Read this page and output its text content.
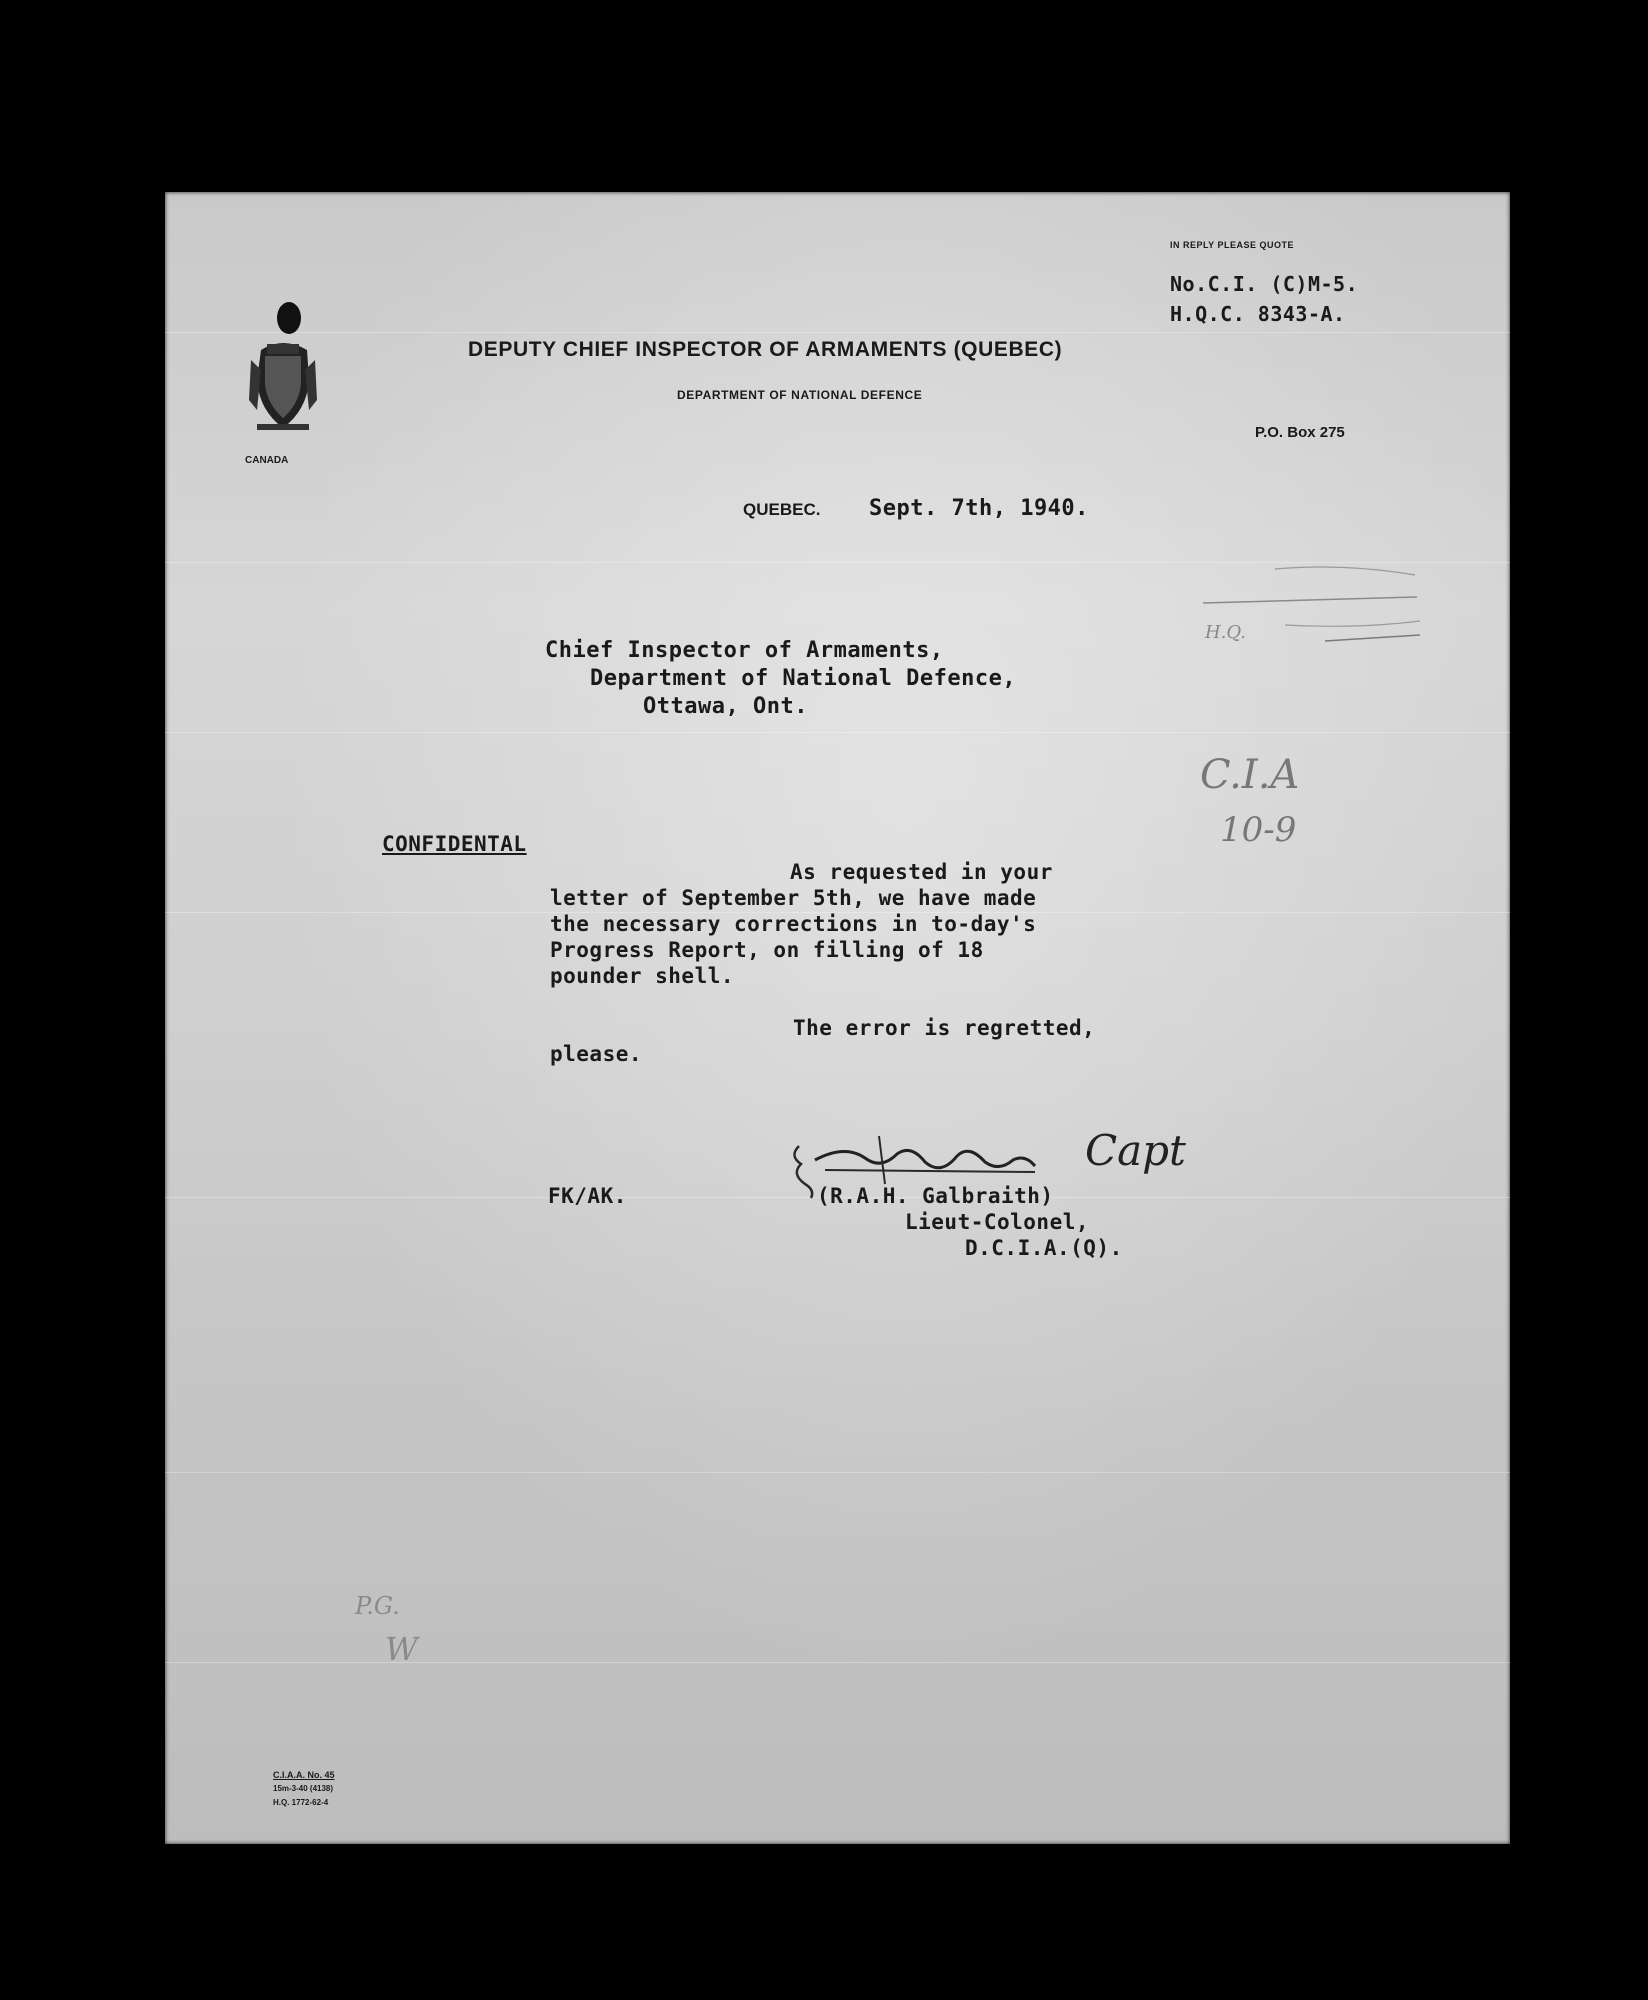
IN REPLY PLEASE QUOTE
No.C.I. (C)M-5.
H.Q.C. 8343-A.
CANADA
DEPUTY CHIEF INSPECTOR OF ARMAMENTS (QUEBEC)
DEPARTMENT OF NATIONAL DEFENCE
P.O. Box 275
QUEBEC. Sept. 7th, 1940.
Chief Inspector of Armaments,
Department of National Defence,
Ottawa, Ont.
H.Q.
C.I.A
10-9
CONFIDENTAL
As requested in your
letter of September 5th, we have made
the necessary corrections in to-day's
Progress Report, on filling of 18
pounder shell.
The error is regretted,
please.
FK/AK.
Capt
(R.A.H. Galbraith)
Lieut-Colonel,
D.C.I.A.(Q).
P.G.
W
C.I.A.A. No. 45
15m-3-40 (4138)
H.Q. 1772-62-4
